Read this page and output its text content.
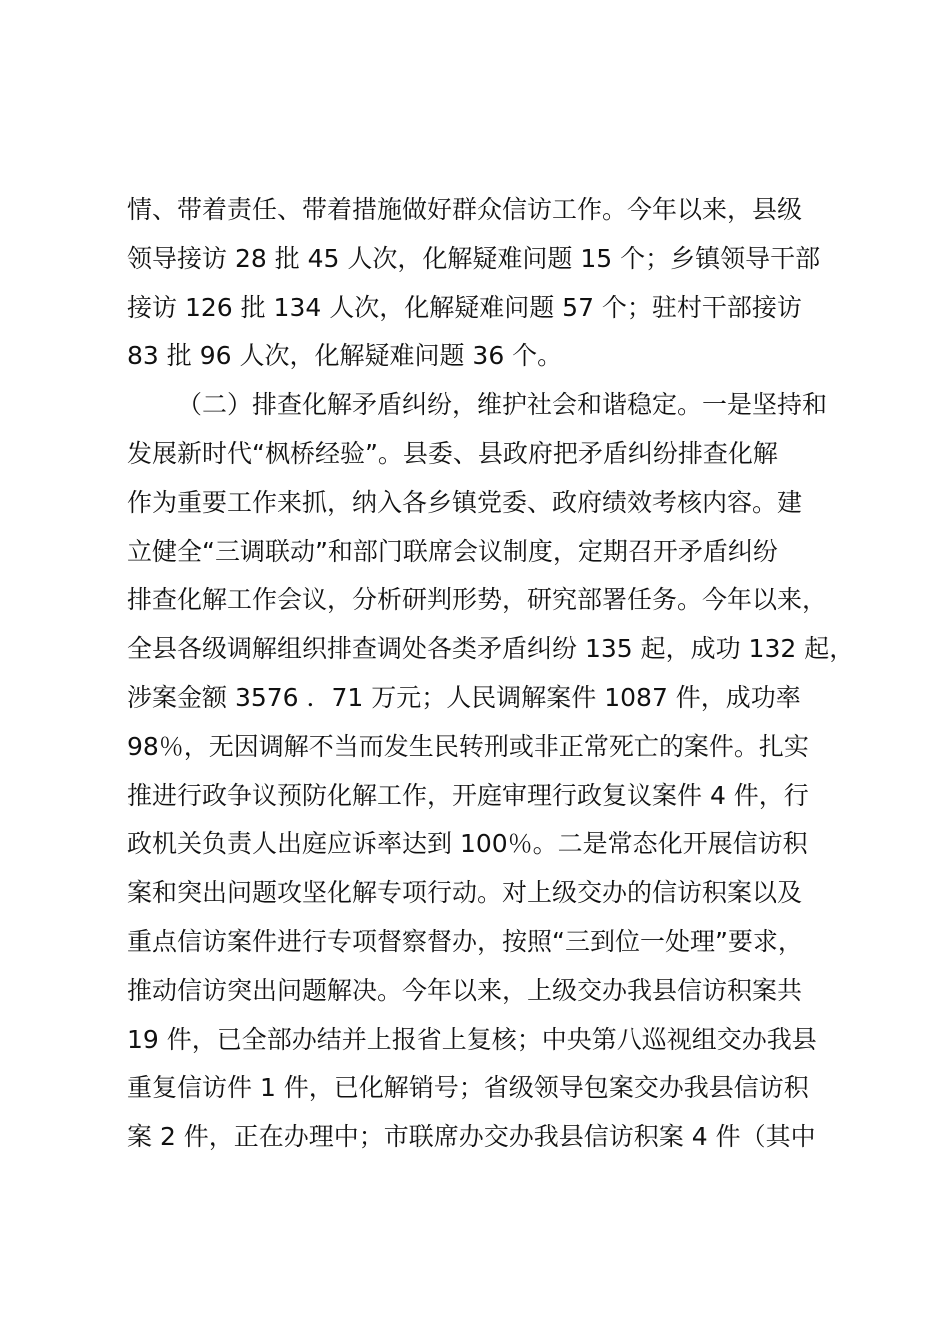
情、带着责任、带着措施做好群众信访工作。今年以来，县级
领导接访 28 批 45 人次，化解疑难问题 15 个；乡镇领导干部
接访 126 批 134 人次，化解疑难问题 57 个；驻村干部接访
83 批 96 人次，化解疑难问题 36 个。
（二）排查化解矛盾纠纷，维护社会和谐稳定。一是坚持和
发展新时代“枫桥经验”。县委、县政府把矛盾纠纷排查化解
作为重要工作来抓，纳入各乡镇党委、政府绩效考核内容。建
立健全“三调联动”和部门联席会议制度，定期召开矛盾纠纷
排查化解工作会议，分析研判形势，研究部署任务。今年以来，
全县各级调解组织排查调处各类矛盾纠纷 135 起，成功 132 起，
涉案金额 3576 ．71 万元；人民调解案件 1087 件，成功率
98％，无因调解不当而发生民转刑或非正常死亡的案件。扎实
推进行政争议预防化解工作，开庭审理行政复议案件 4 件，行
政机关负责人出庭应诉率达到 100％。二是常态化开展信访积
案和突出问题攻坚化解专项行动。对上级交办的信访积案以及
重点信访案件进行专项督察督办，按照“三到位一处理”要求，
推动信访突出问题解决。今年以来，上级交办我县信访积案共
19 件，已全部办结并上报省上复核；中央第八巡视组交办我县
重复信访件 1 件，已化解销号；省级领导包案交办我县信访积
案 2 件，正在办理中；市联席办交办我县信访积案 4 件（其中
